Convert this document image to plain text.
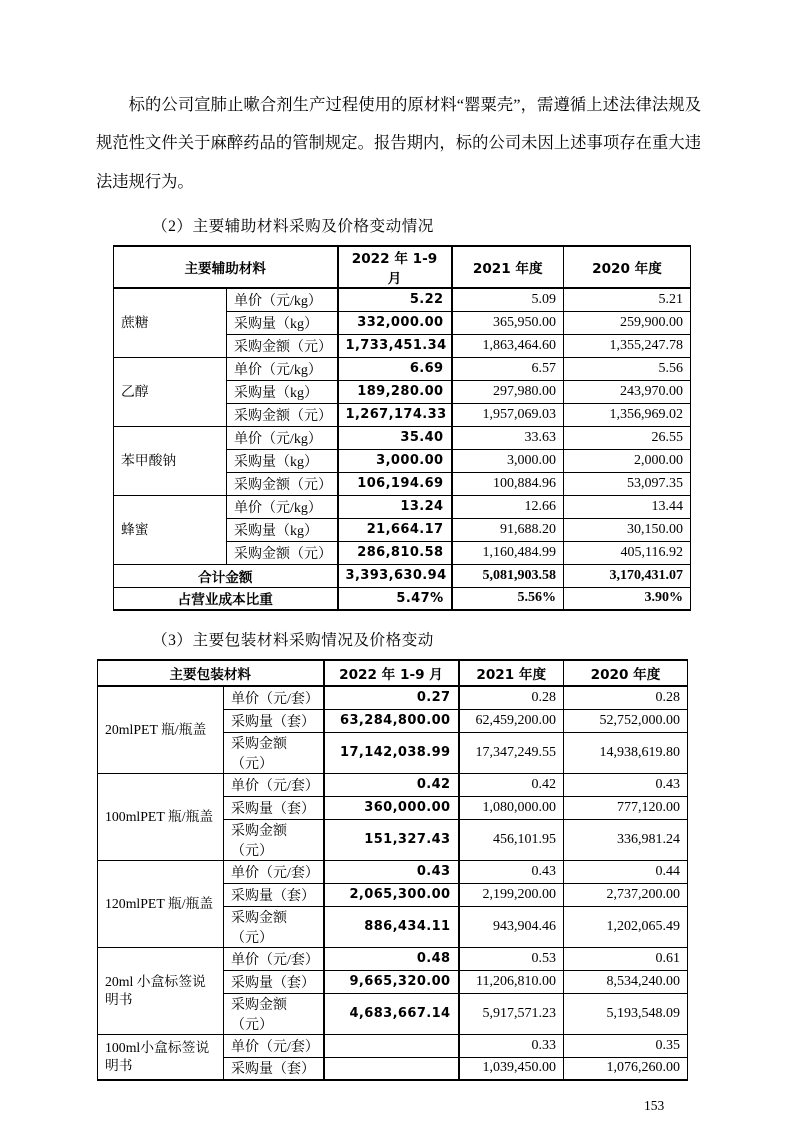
标的公司宣肺止嗽合剂生产过程使用的原材料“罂粟壳”，需遵循上述法律法规及规范性文件关于麻醉药品的管制规定。报告期内，标的公司未因上述事项存在重大违法违规行为。

（2）主要辅助材料采购及价格变动情况
主要辅助材料		2022 年 1-9 月	2021 年度	2020 年度
蔗糖	单价（元/kg）	5.22	5.09	5.21
	采购量（kg）	332,000.00	365,950.00	259,900.00
	采购金额（元）	1,733,451.34	1,863,464.60	1,355,247.78
乙醇	单价（元/kg）	6.69	6.57	5.56
	采购量（kg）	189,280.00	297,980.00	243,970.00
	采购金额（元）	1,267,174.33	1,957,069.03	1,356,969.02
苯甲酸钠	单价（元/kg）	35.40	33.63	26.55
	采购量（kg）	3,000.00	3,000.00	2,000.00
	采购金额（元）	106,194.69	100,884.96	53,097.35
蜂蜜	单价（元/kg）	13.24	12.66	13.44
	采购量（kg）	21,664.17	91,688.20	30,150.00
	采购金额（元）	286,810.58	1,160,484.99	405,116.92
合计金额		3,393,630.94	5,081,903.58	3,170,431.07
占营业成本比重		5.47%	5.56%	3.90%
（3）主要包装材料采购情况及价格变动
主要包装材料		2022 年 1-9 月	2021 年度	2020 年度
20mlPET 瓶/瓶盖	单价（元/套）	0.27	0.28	0.28
	采购量（套）	63,284,800.00	62,459,200.00	52,752,000.00
	采购金额（元）	17,142,038.99	17,347,249.55	14,938,619.80
100mlPET 瓶/瓶盖	单价（元/套）	0.42	0.42	0.43
	采购量（套）	360,000.00	1,080,000.00	777,120.00
	采购金额（元）	151,327.43	456,101.95	336,981.24
120mlPET 瓶/瓶盖	单价（元/套）	0.43	0.43	0.44
	采购量（套）	2,065,300.00	2,199,200.00	2,737,200.00
	采购金额（元）	886,434.11	943,904.46	1,202,065.49
20ml 小盒标签说明书	单价（元/套）	0.48	0.53	0.61
	采购量（套）	9,665,320.00	11,206,810.00	8,534,240.00
	采购金额（元）	4,683,667.14	5,917,571.23	5,193,548.09
100ml小盒标签说明书	单价（元/套）		0.33	0.35
	采购量（套）		1,039,450.00	1,076,260.00
153
